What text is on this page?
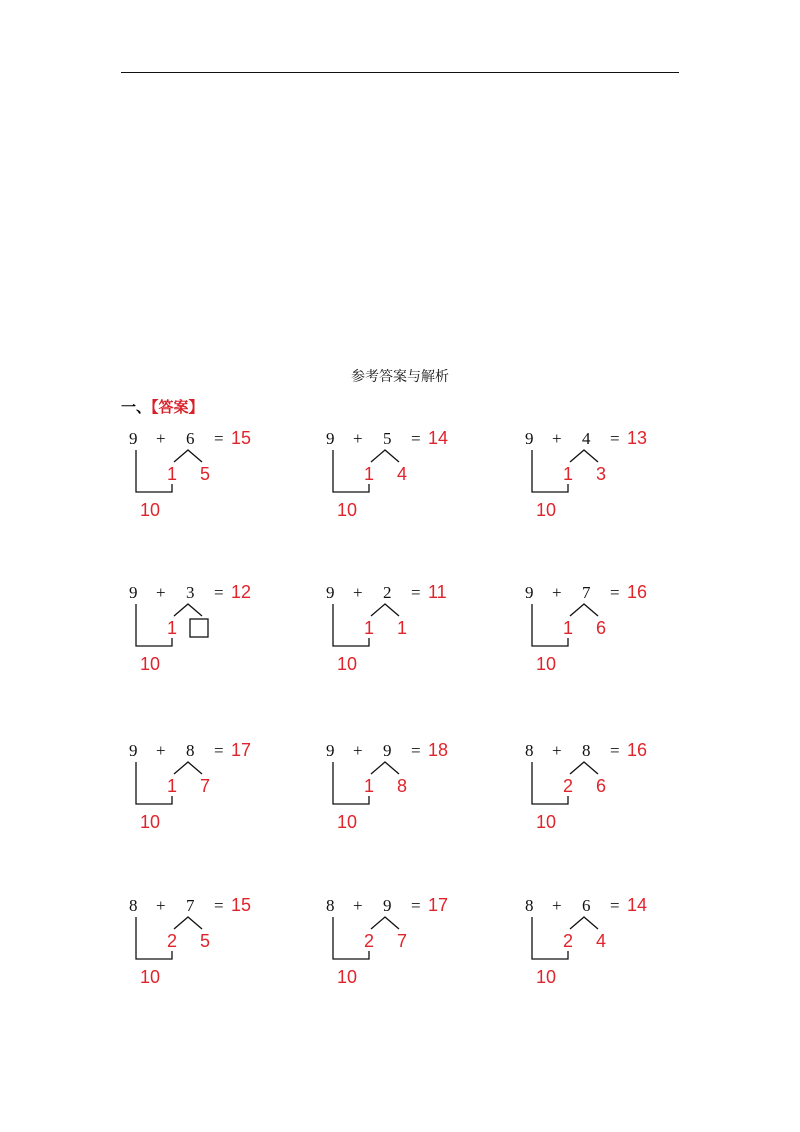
参考答案与解析
一、【答案】
9 + 6 = 15
1 5
10
9 + 5 = 14
1 4
10
9 + 4 = 13
1 3
10
9 + 3 = 12
1
10
9 + 2 = 11
1 1
10
9 + 7 = 16
1 6
10
9 + 8 = 17
1 7
10
9 + 9 = 18
1 8
10
8 + 8 = 16
2 6
10
8 + 7 = 15
2 5
10
8 + 9 = 17
2 7
10
8 + 6 = 14
2 4
10
